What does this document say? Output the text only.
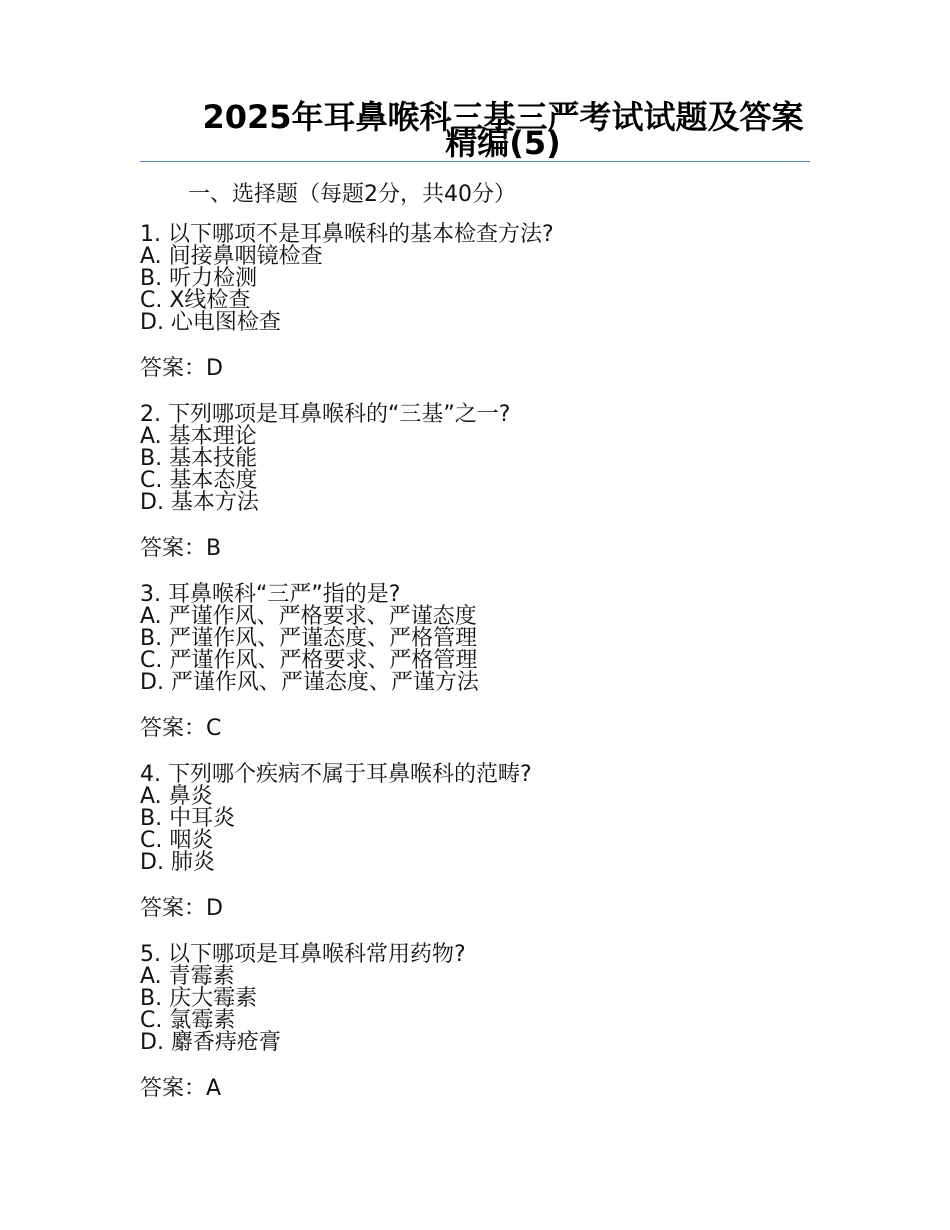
2025年耳鼻喉科三基三严考试试题及答案精编(5)
一、选择题（每题2分，共40分）

1. 以下哪项不是耳鼻喉科的基本检查方法?

A. 间接鼻咽镜检查

B. 听力检测

C. X线检查

D. 心电图检查

答案：D

2. 下列哪项是耳鼻喉科的“三基”之一?

A. 基本理论

B. 基本技能

C. 基本态度

D. 基本方法

答案：B

3. 耳鼻喉科“三严”指的是?

A. 严谨作风、严格要求、严谨态度

B. 严谨作风、严谨态度、严格管理

C. 严谨作风、严格要求、严格管理

D. 严谨作风、严谨态度、严谨方法

答案：C

4. 下列哪个疾病不属于耳鼻喉科的范畴?

A. 鼻炎

B. 中耳炎

C. 咽炎

D. 肺炎

答案：D

5. 以下哪项是耳鼻喉科常用药物?

A. 青霉素

B. 庆大霉素

C. 氯霉素

D. 麝香痔疮膏

答案：A
